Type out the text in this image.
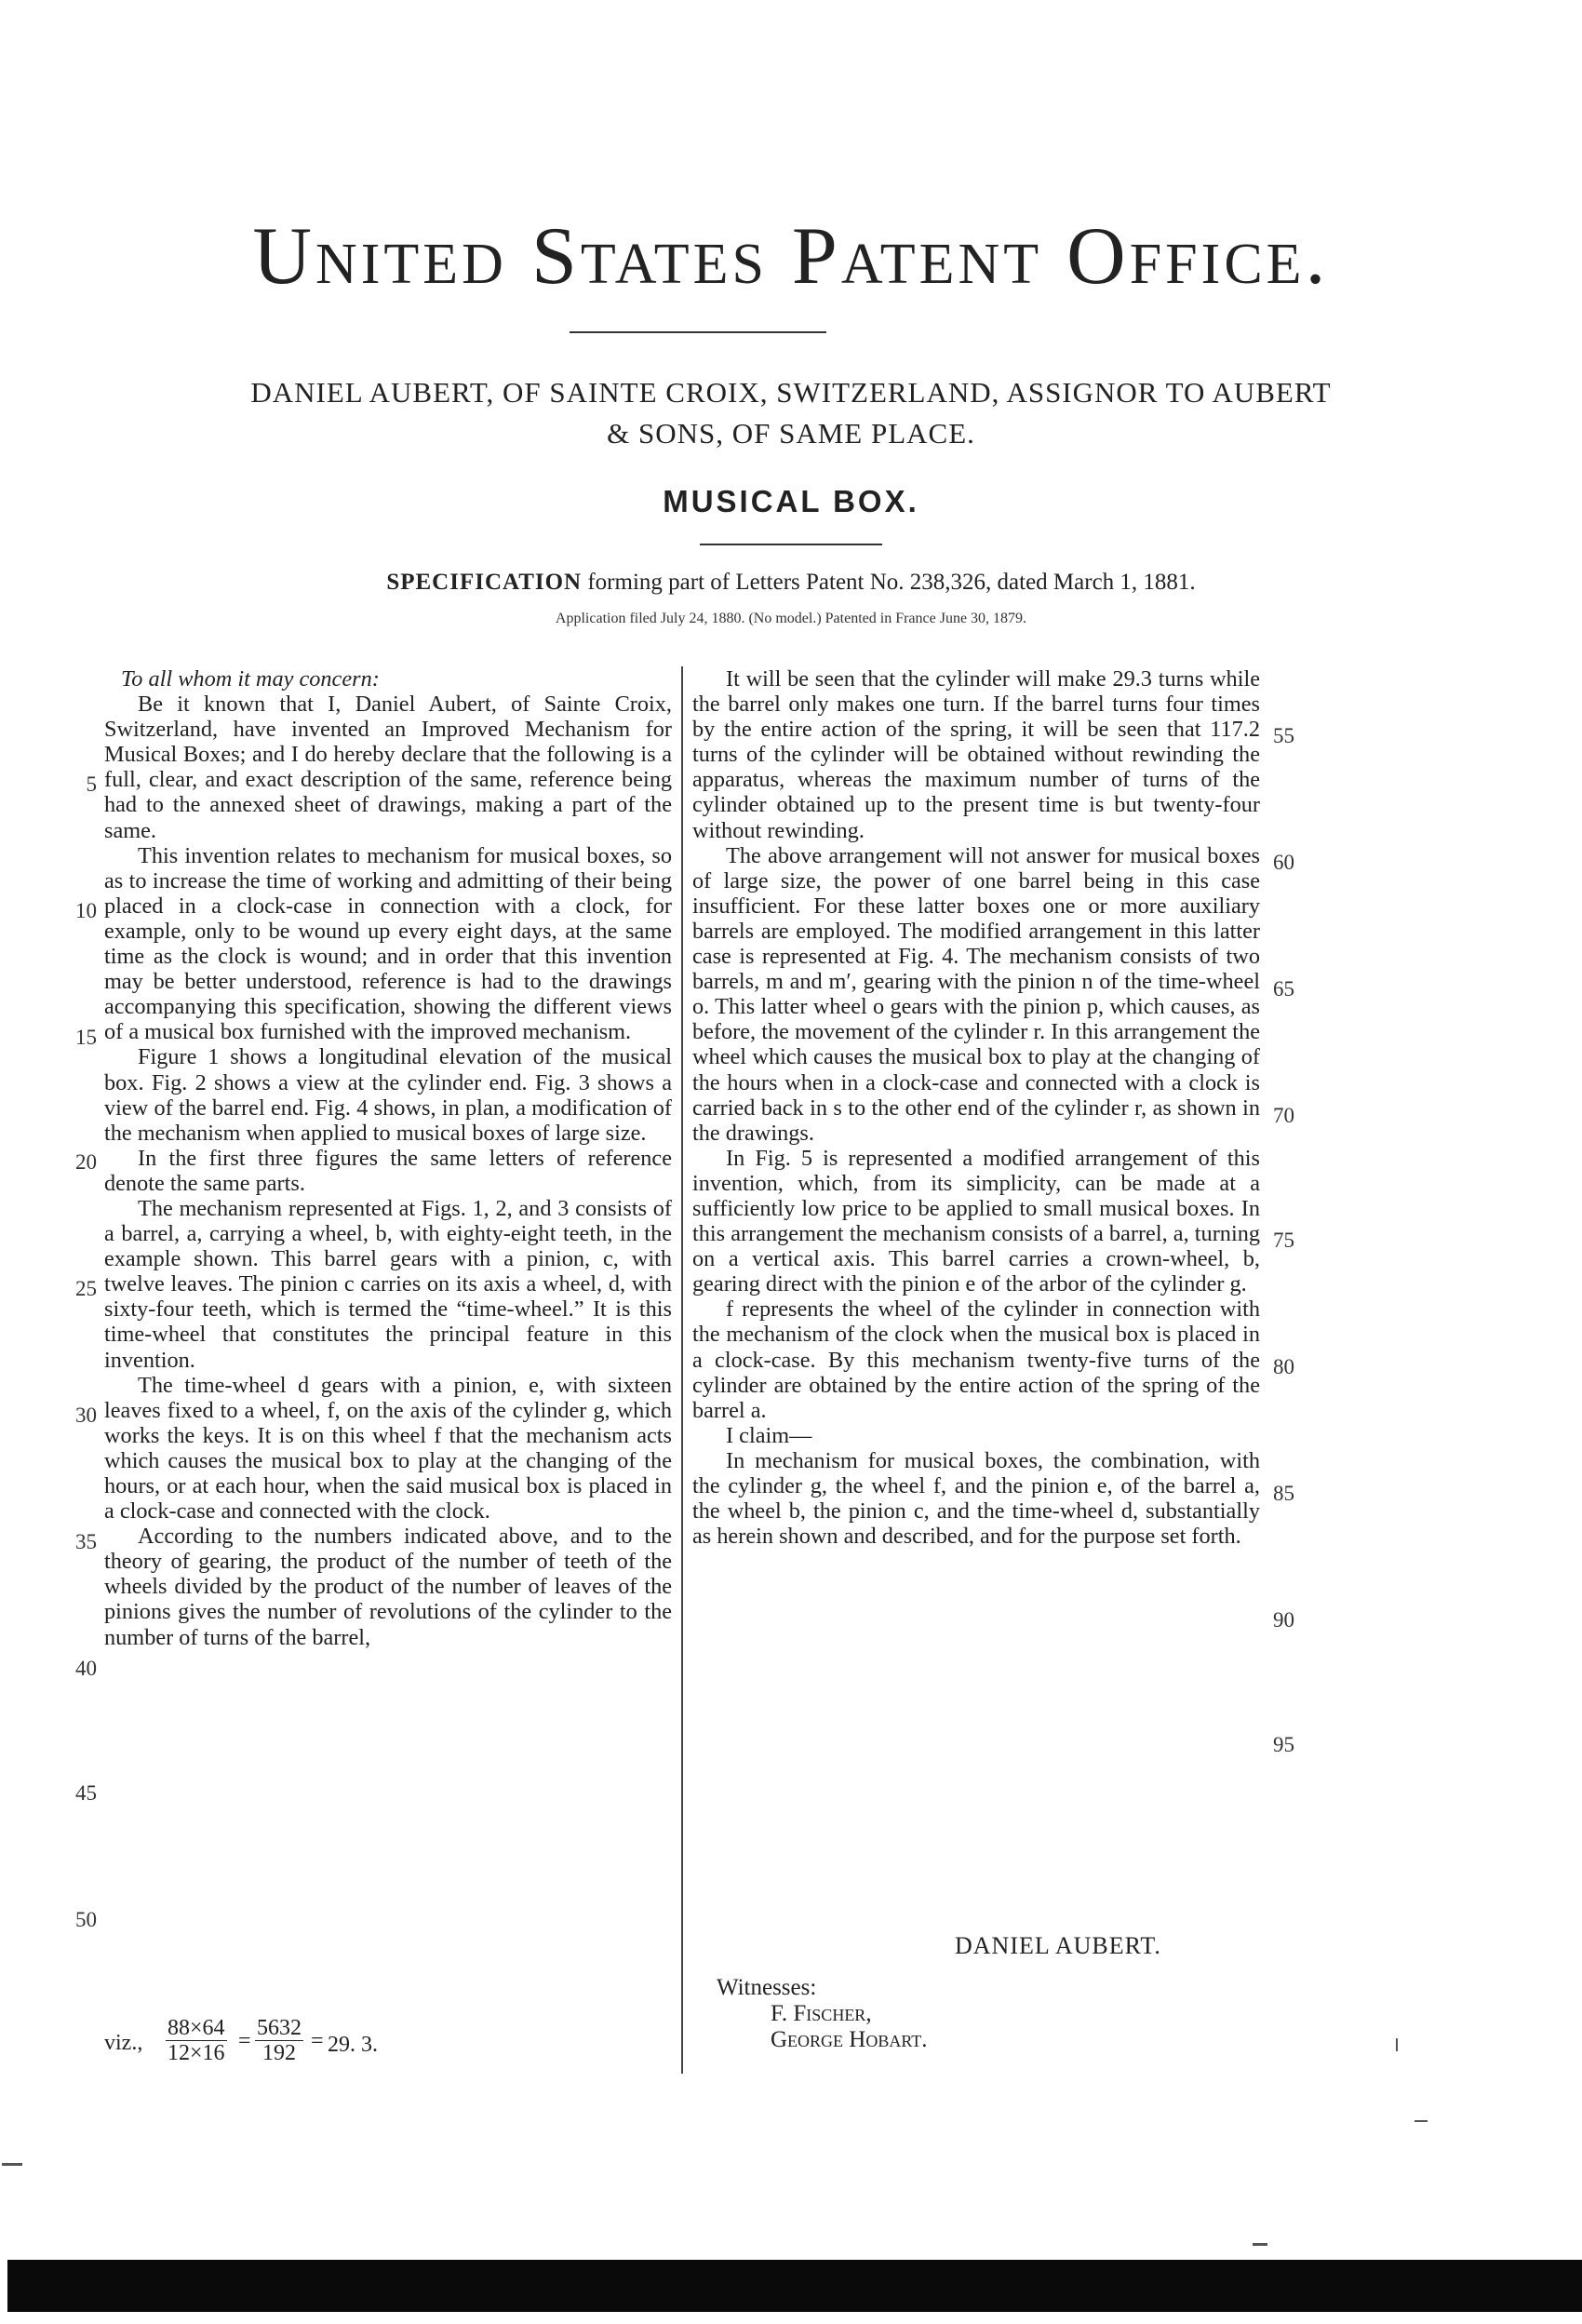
United States Patent Office.
DANIEL AUBERT, OF SAINTE CROIX, SWITZERLAND, ASSIGNOR TO AUBERT
& SONS, OF SAME PLACE.
MUSICAL BOX.
SPECIFICATION forming part of Letters Patent No. 238,326, dated March 1, 1881.
Application filed July 24, 1880. (No model.) Patented in France June 30, 1879.

To all whom it may concern:

Be it known that I, Daniel Aubert, of Sainte Croix, Switzerland, have invented an Improved Mechanism for Musical Boxes; and I do hereby declare that the following is a full, clear, and exact description of the same, reference being had to the annexed sheet of drawings, making a part of the same.

This invention relates to mechanism for musical boxes, so as to increase the time of working and admitting of their being placed in a clock-case in connection with a clock, for example, only to be wound up every eight days, at the same time as the clock is wound; and in order that this invention may be better understood, reference is had to the drawings accompanying this specification, showing the different views of a musical box furnished with the improved mechanism.

Figure 1 shows a longitudinal elevation of the musical box. Fig. 2 shows a view at the cylinder end. Fig. 3 shows a view of the barrel end. Fig. 4 shows, in plan, a modification of the mechanism when applied to musical boxes of large size.

In the first three figures the same letters of reference denote the same parts.

The mechanism represented at Figs. 1, 2, and 3 consists of a barrel, a, carrying a wheel, b, with eighty-eight teeth, in the example shown. This barrel gears with a pinion, c, with twelve leaves. The pinion c carries on its axis a wheel, d, with sixty-four teeth, which is termed the “time-wheel.” It is this time-wheel that constitutes the principal feature in this invention.

The time-wheel d gears with a pinion, e, with sixteen leaves fixed to a wheel, f, on the axis of the cylinder g, which works the keys. It is on this wheel f that the mechanism acts which causes the musical box to play at the changing of the hours, or at each hour, when the said musical box is placed in a clock-case and connected with the clock.

According to the numbers indicated above, and to the theory of gearing, the product of the number of teeth of the wheels divided by the product of the number of leaves of the pinions gives the number of revolutions of the cylinder to the number of turns of the barrel,

viz., $\frac{88\times 64}{12\times 16} = \frac{5632}{192} = 29$. 3.

It will be seen that the cylinder will make 29.3 turns while the barrel only makes one turn. If the barrel turns four times by the entire action of the spring, it will be seen that 117.2 turns of the cylinder will be obtained without rewinding the apparatus, whereas the maximum number of turns of the cylinder obtained up to the present time is but twenty-four without rewinding.

The above arrangement will not answer for musical boxes of large size, the power of one barrel being in this case insufficient. For these latter boxes one or more auxiliary barrels are employed. The modified arrangement in this latter case is represented at Fig. 4. The mechanism consists of two barrels, m and m′, gearing with the pinion n of the time-wheel o. This latter wheel o gears with the pinion p, which causes, as before, the movement of the cylinder r. In this arrangement the wheel which causes the musical box to play at the changing of the hours when in a clock-case and connected with a clock is carried back in s to the other end of the cylinder r, as shown in the drawings.

In Fig. 5 is represented a modified arrangement of this invention, which, from its simplicity, can be made at a sufficiently low price to be applied to small musical boxes. In this arrangement the mechanism consists of a barrel, a, turning on a vertical axis. This barrel carries a crown-wheel, b, gearing direct with the pinion e of the arbor of the cylinder g.

f represents the wheel of the cylinder in connection with the mechanism of the clock when the musical box is placed in a clock-case. By this mechanism twenty-five turns of the cylinder are obtained by the entire action of the spring of the barrel a.

I claim—

In mechanism for musical boxes, the combination, with the cylinder g, the wheel f, and the pinion e, of the barrel a, the wheel b, the pinion c, and the time-wheel d, substantially as herein shown and described, and for the purpose set forth.

5
10
15
20
25
30
35
40
45
50
55
60
65
70
75
80
85
90
95
DANIEL AUBERT.
Witnesses:
F. Fischer,
George Hobart.
